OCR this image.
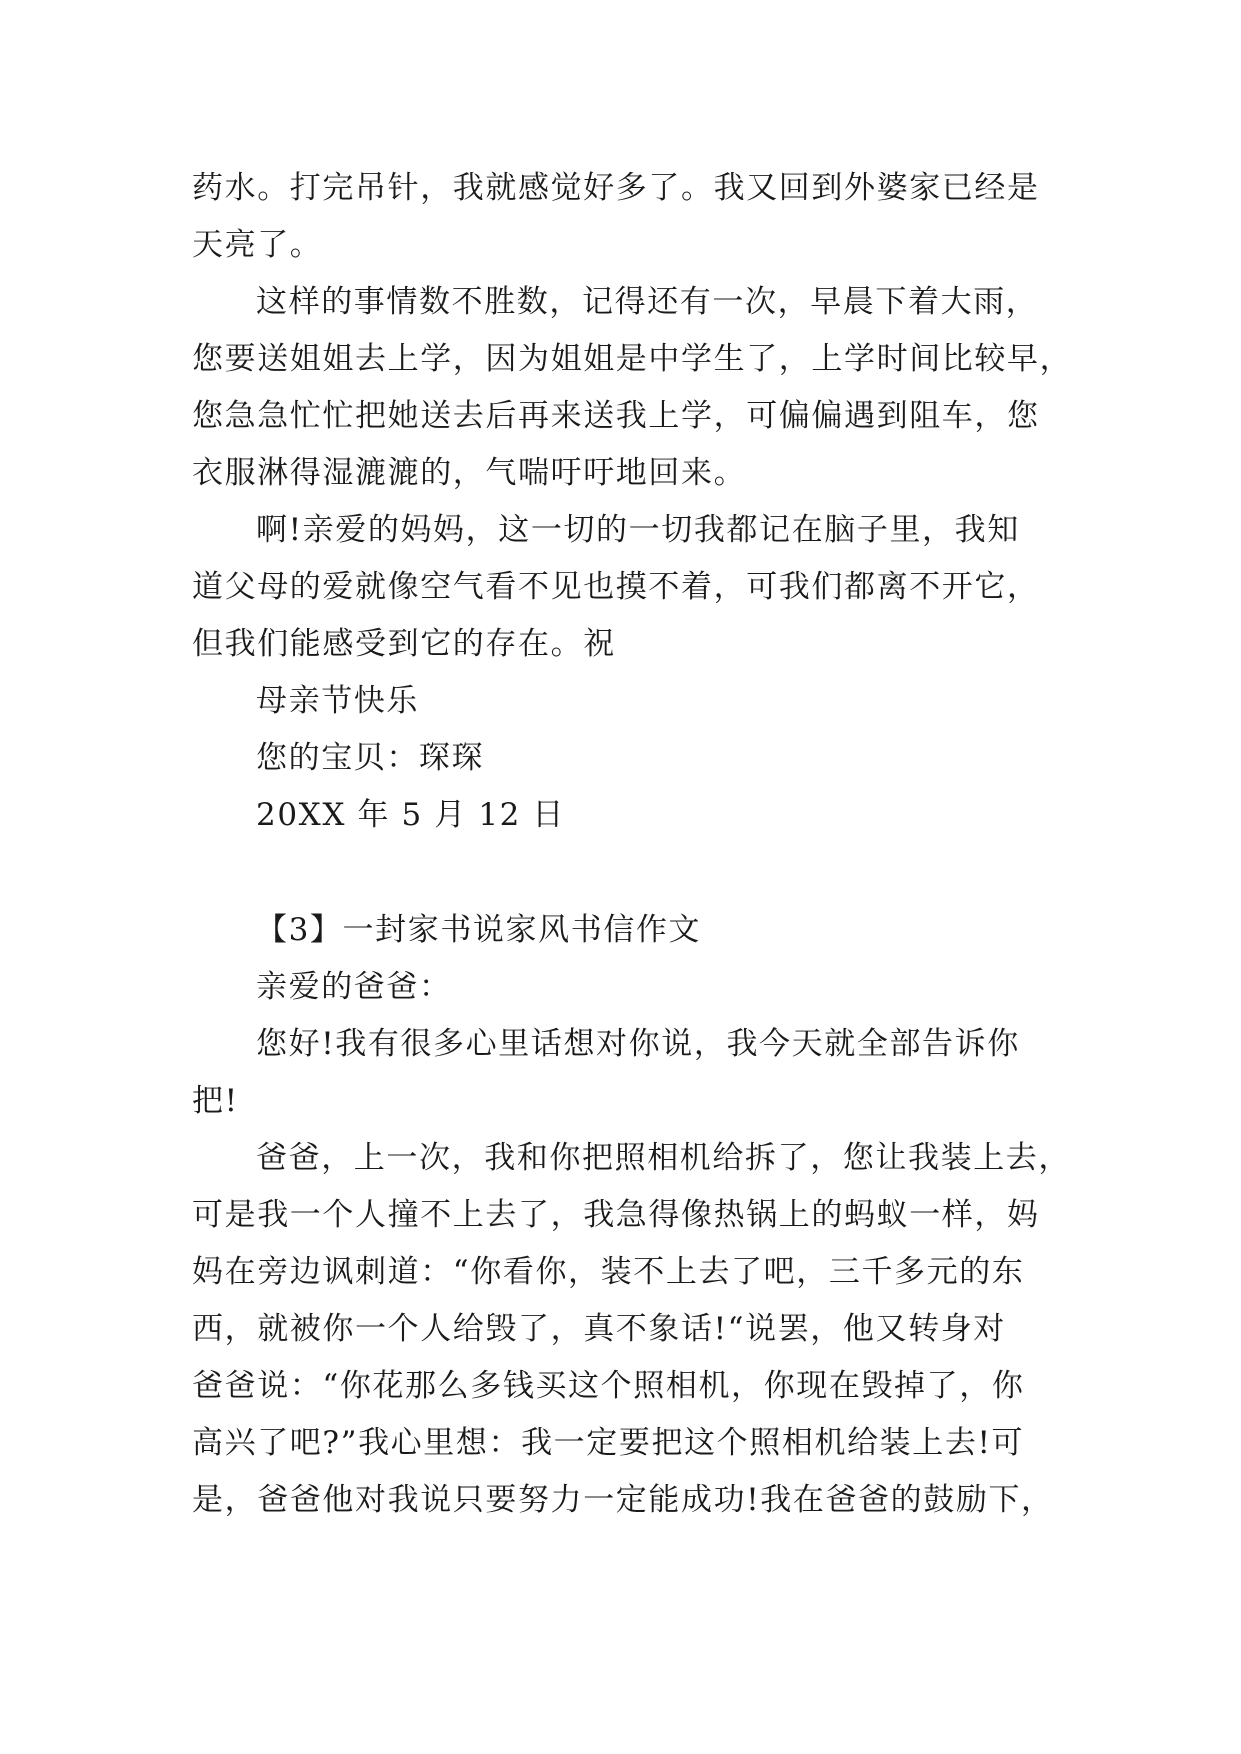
药水。打完吊针，我就感觉好多了。我又回到外婆家已经是
天亮了。
这样的事情数不胜数，记得还有一次，早晨下着大雨，
您要送姐姐去上学，因为姐姐是中学生了，上学时间比较早，
您急急忙忙把她送去后再来送我上学，可偏偏遇到阻车，您
衣服淋得湿漉漉的，气喘吁吁地回来。
啊!亲爱的妈妈，这一切的一切我都记在脑子里，我知
道父母的爱就像空气看不见也摸不着，可我们都离不开它，
但我们能感受到它的存在。祝
母亲节快乐
您的宝贝：琛琛
20XX 年 5 月 12 日
【3】一封家书说家风书信作文
亲爱的爸爸：
您好!我有很多心里话想对你说，我今天就全部告诉你
把!
爸爸，上一次，我和你把照相机给拆了，您让我装上去，
可是我一个人撞不上去了，我急得像热锅上的蚂蚁一样，妈
妈在旁边讽刺道：“你看你，装不上去了吧，三千多元的东
西，就被你一个人给毁了，真不象话!“说罢，他又转身对
爸爸说：“你花那么多钱买这个照相机，你现在毁掉了，你
高兴了吧?”我心里想：我一定要把这个照相机给装上去!可
是，爸爸他对我说只要努力一定能成功!我在爸爸的鼓励下，
